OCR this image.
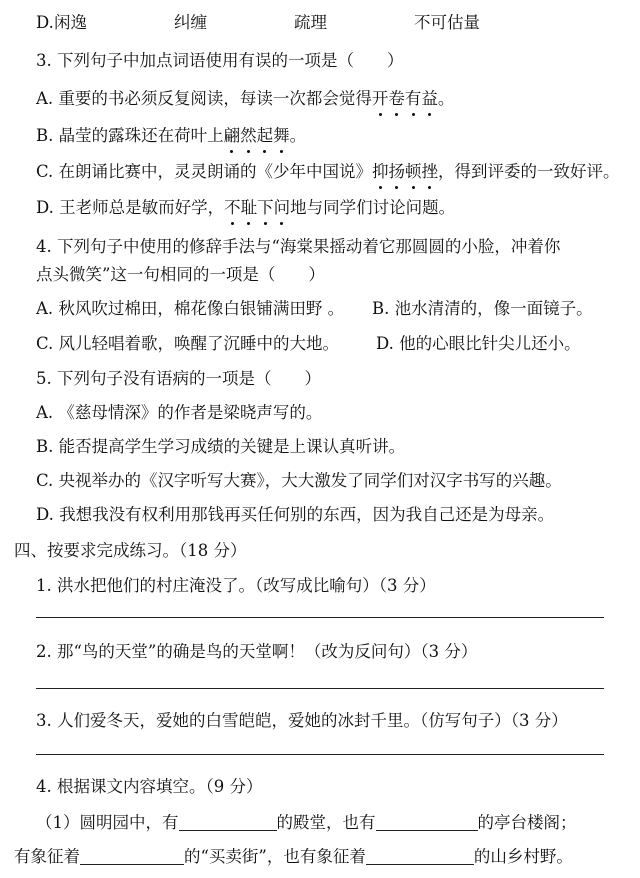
D. 闲逸	纠缠	疏理	不可估量
3. 下列句子中加点词语使用有误的一项是（　　）
A. 重要的书必须反复阅读，每读一次都会觉得开卷有益。
B. 晶莹的露珠还在荷叶上翩然起舞。
C. 在朗诵比赛中，灵灵朗诵的《少年中国说》抑扬顿挫，得到评委的一致好评。
D. 王老师总是敏而好学，不耻下问地与同学们讨论问题。
4. 下列句子中使用的修辞手法与“海棠果摇动着它那圆圆的小脸，冲着你
点头微笑”这一句相同的一项是（　　）
A. 秋风吹过棉田，棉花像白银铺满田野 。 B. 池水清清的，像一面镜子。
C. 风儿轻唱着歌，唤醒了沉睡中的大地。 D. 他的心眼比针尖儿还小。
5. 下列句子没有语病的一项是（　　）
A. 《慈母情深》的作者是梁晓声写的。
B. 能否提高学生学习成绩的关键是上课认真听讲。
C. 央视举办的《汉字听写大赛》，大大激发了同学们对汉字书写的兴趣。
D. 我想我没有权利用那钱再买任何别的东西，因为我自己还是为母亲。
四、按要求完成练习。（18 分）
1. 洪水把他们的村庄淹没了。（改写成比喻句）（3 分）
2. 那“鸟的天堂”的确是鸟的天堂啊！（改为反问句）（3 分）
3. 人们爱冬天，爱她的白雪皑皑，爱她的冰封千里。（仿写句子）（3 分）
4. 根据课文内容填空。（9 分）
（1）圆明园中，有	的殿堂，也有	的亭台楼阁；
有象征着	的“买卖街”，也有象征着	的山乡村野。
